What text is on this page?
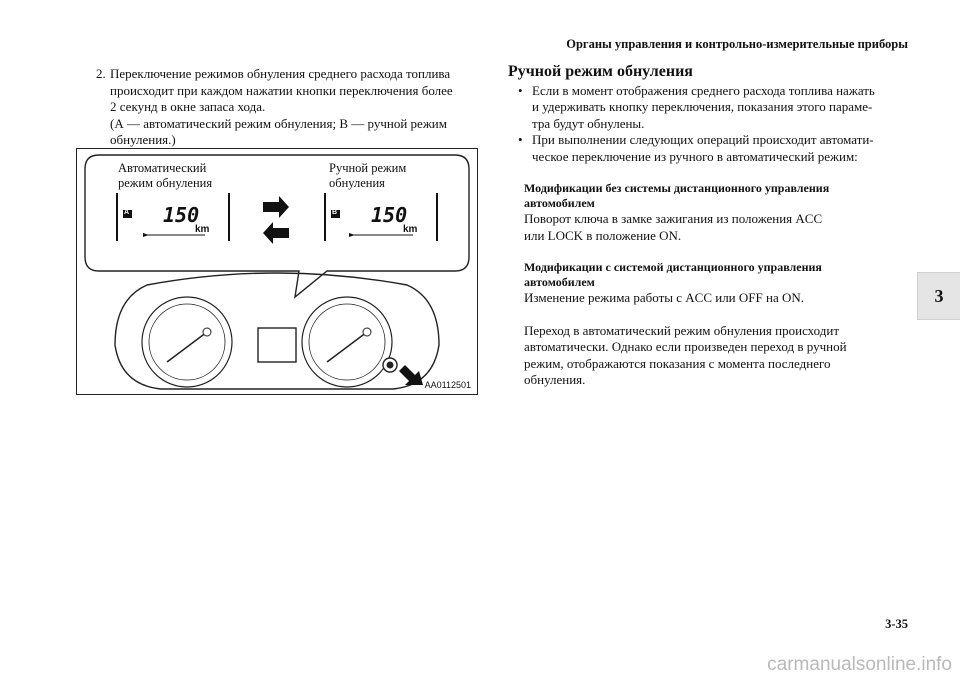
Органы управления и контрольно-измерительные приборы
3
2. Переключение режимов обнуления среднего расхода топлива
происходит при каждом нажатии кнопки переключения более
2 секунд в окне запаса хода.
(А — автоматический режим обнуления; В — ручной режим
обнуления.)
Автоматический
режим обнуления
Ручной режим
обнуления
A	B
150
km
150
km
AA0112501
Ручной режим обнуления
• Если в момент отображения среднего расхода топлива нажать
и удерживать кнопку переключения, показания этого параме-
тра будут обнулены.
• При выполнении следующих операций происходит автомати-
ческое переключение из ручного в автоматический режим:
Модификации без системы дистанционного управления
автомобилем
Поворот ключа в замке зажигания из положения ACC
или LOCK в положение ON.
Модификации с системой дистанционного управления
автомобилем
Изменение режима работы с ACC или OFF на ON.
Переход в автоматический режим обнуления происходит
автоматически. Однако если произведен переход в ручной
режим, отображаются показания с момента последнего
обнуления.
3-35
carmanualsonline.info
